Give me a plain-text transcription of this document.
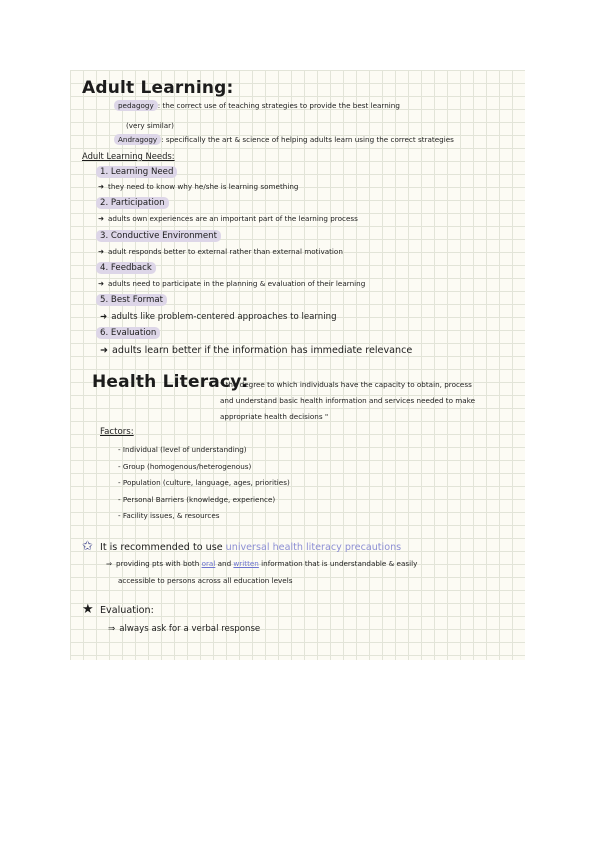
Adult Learning:
pedagogy : the correct use of teaching strategies to provide the best learning
(very similar)
Andragogy : specifically the art & science of helping adults learn using the correct strategies
Adult Learning Needs:
1. Learning Need
➜ they need to know why he/she is learning something
2. Participation
➜ adults own experiences are an important part of the learning process
3. Conductive Environment
➜ adult responds better to external rather than external motivation
4. Feedback
➜ adults need to participate in the planning & evaluation of their learning
5. Best Format
➜ adults like problem-centered approaches to learning
6. Evaluation
➜ adults learn better if the information has immediate relevance
Health Literacy:
" the degree to which individuals have the capacity to obtain, process
and understand basic health information and services needed to make
appropriate health decisions "
Factors:
- Individual (level of understanding)
- Group (homogenous/heterogenous)
- Population (culture, language, ages, priorities)
- Personal Barriers (knowledge, experience)
- Facility issues, & resources
✩ It is recommended to use universal health literacy precautions
⇒ providing pts with both oral and written information that is understandable & easily
accessible to persons across all education levels
★ Evaluation:
⇒ always ask for a verbal response
